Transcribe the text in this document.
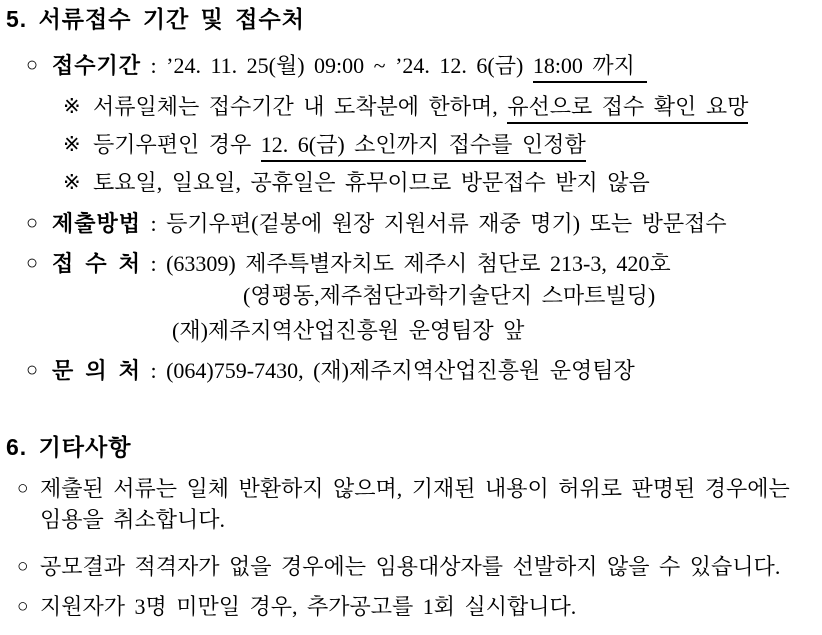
5. 서류접수 기간 및 접수처
○ 접수기간 : ’24. 11. 25(월) 09:00 ~ ’24. 12. 6(금) 18:00 까지

※ 서류일체는 접수기간 내 도착분에 한하며, 유선으로 접수 확인 요망

※ 등기우편인 경우 12. 6(금) 소인까지 접수를 인정함

※ 토요일, 일요일, 공휴일은 휴무이므로 방문접수 받지 않음

○ 제출방법 : 등기우편(겉봉에 원장 지원서류 재중 명기) 또는 방문접수

○ 접 수 처 : (63309) 제주특별자치도 제주시 첨단로 213-3, 420호

(영평동,제주첨단과학기술단지 스마트빌딩)

(재)제주지역산업진흥원 운영팀장 앞

○ 문 의 처 : (064)759-7430, (재)제주지역산업진흥원 운영팀장

6. 기타사항
○ 제출된 서류는 일체 반환하지 않으며, 기재된 내용이 허위로 판명된 경우에는
임용을 취소합니다.

○ 공모결과 적격자가 없을 경우에는 임용대상자를 선발하지 않을 수 있습니다.

○ 지원자가 3명 미만일 경우, 추가공고를 1회 실시합니다.
